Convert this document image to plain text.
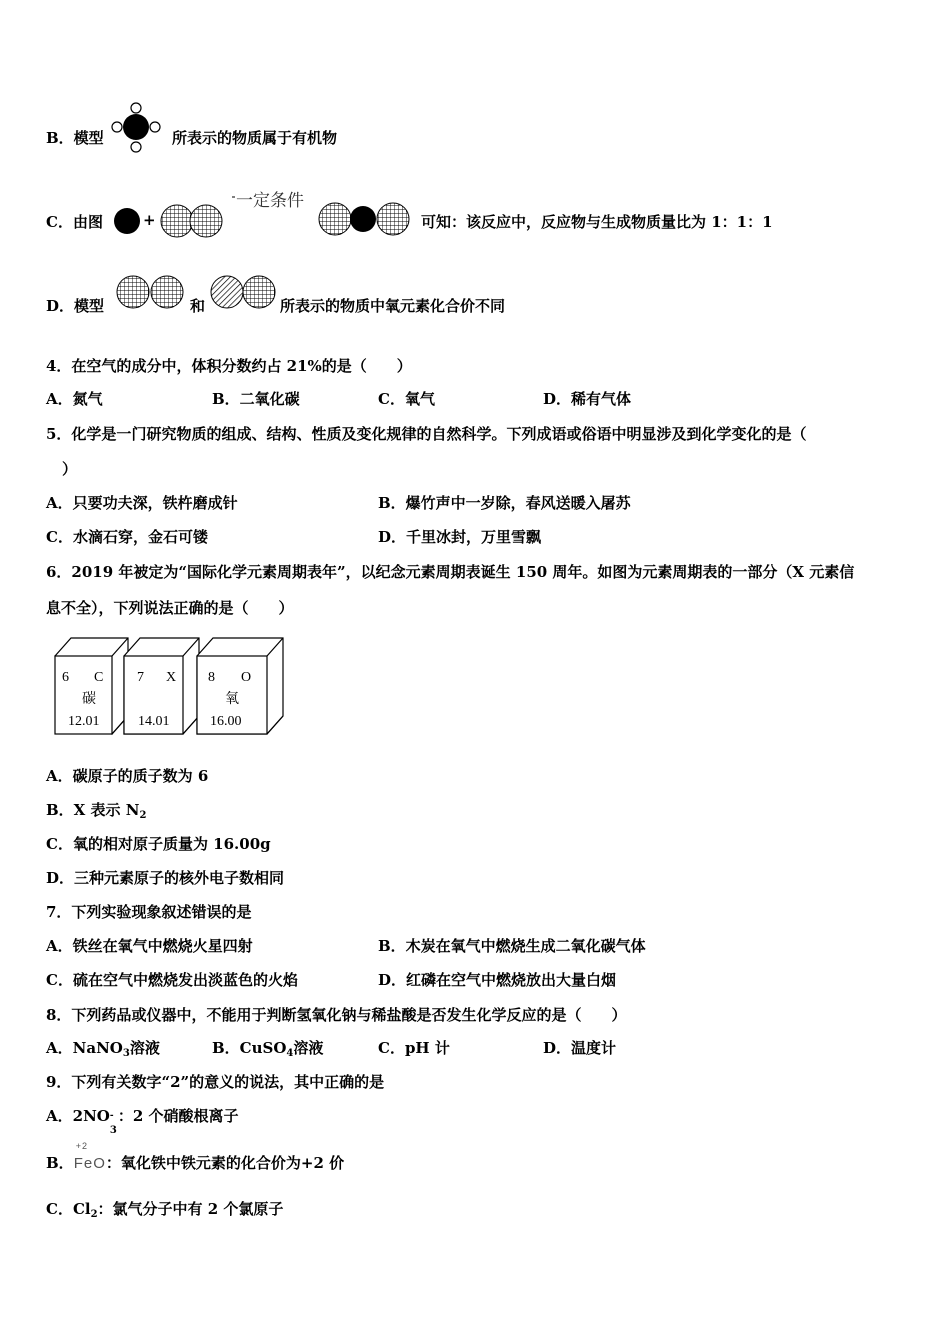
B．模型	所表示的物质属于有机物
C．由图	+
一定条件
可知：该反应中，反应物与生成物质量比为 1：1：1
D．模型	和	所表示的物质中氧元素化合价不同
4．在空气的成分中，体积分数约占 21%的是（　　）
A．氮气	B．二氧化碳	C．氧气	D．稀有气体
5．化学是一门研究物质的组成、结构、性质及变化规律的自然科学。下列成语或俗语中明显涉及到化学变化的是（
）
A．只要功夫深，铁杵磨成针	B．爆竹声中一岁除，春风送暖入屠苏
C．水滴石穿，金石可镂	D．千里冰封，万里雪飘
6．2019 年被定为“国际化学元素周期表年”，以纪念元素周期表诞生 150 周年。如图为元素周期表的一部分（X 元素信
息不全），下列说法正确的是（　　）
6 C
碳
12.01
7 X
14.01
8 O
氧
16.00
A．碳原子的质子数为 6
B．X 表示 $N_2$
C．氧的相对原子质量为 16.00g
D．三种元素原子的核外电子数相同
7．下列实验现象叙述错误的是
A．铁丝在氧气中燃烧火星四射	B．木炭在氧气中燃烧生成二氧化碳气体
C．硫在空气中燃烧发出淡蓝色的火焰	D．红磷在空气中燃烧放出大量白烟
8．下列药品或仪器中，不能用于判断氢氧化钠与稀盐酸是否发生化学反应的是（　　）
A．NaNO$_3$溶液	B．CuSO$_4$溶液	C．pH 计	D．温度计
9．下列有关数字“2”的意义的说法，其中正确的是
A．2NO -
3
：2 个硝酸根离子
B．
+2
FeO：氧化铁中铁元素的化合价为+2 价
C．$Cl_2$：氯气分子中有 2 个氯原子
